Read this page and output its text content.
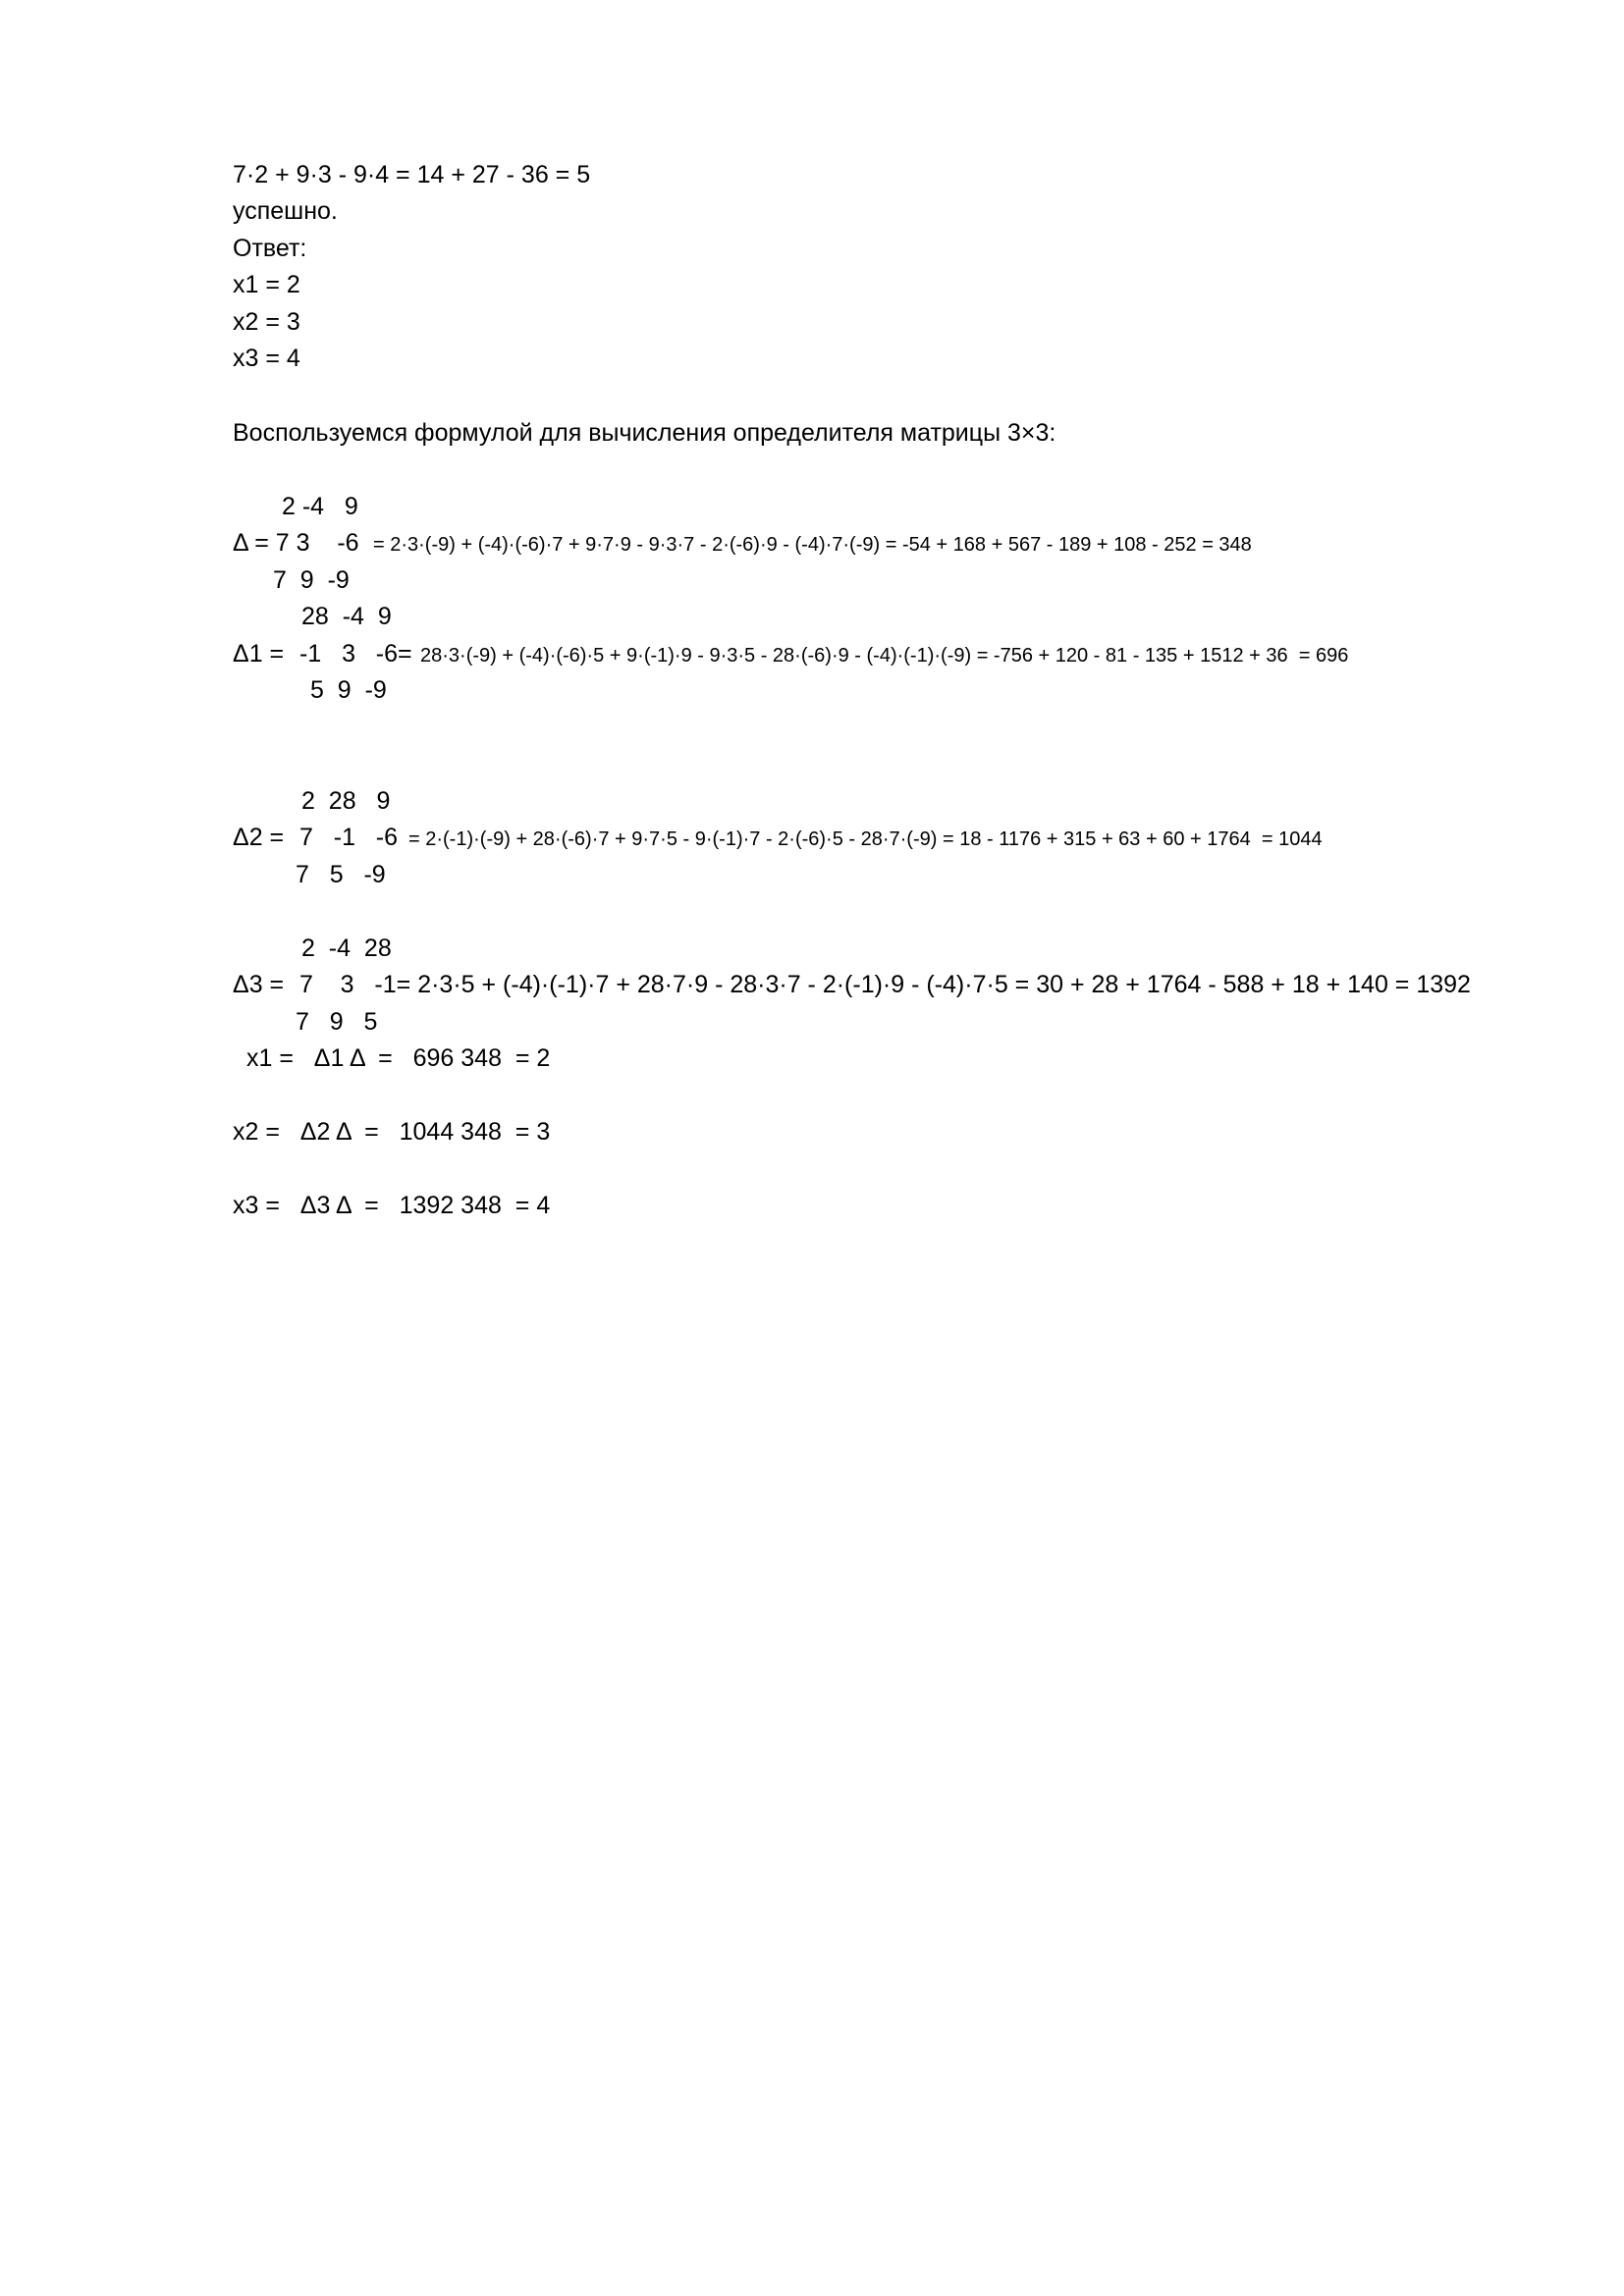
7·2 + 9·3 - 9·4 = 14 + 27 - 36 = 5
успешно.
Ответ:
x1 = 2
x2 = 3
x3 = 4
Воспользуемся формулой для вычисления определителя матрицы 3×3:
2 -4   9
Δ = 7 3    -6 = 2·3·(-9) + (-4)·(-6)·7 + 9·7·9 - 9·3·7 - 2·(-6)·9 - (-4)·7·(-9) = -54 + 168 + 567 - 189 + 108 - 252 = 348
7  9  -9
28  -4  9
Δ1 = -1   3   -6= 28·3·(-9) + (-4)·(-6)·5 + 9·(-1)·9 - 9·3·5 - 28·(-6)·9 - (-4)·(-1)·(-9) = -756 + 120 - 81 - 135 + 1512 + 36  = 696
5  9  -9
2  28   9
Δ2 = 7   -1   -6 = 2·(-1)·(-9) + 28·(-6)·7 + 9·7·5 - 9·(-1)·7 - 2·(-6)·5 - 28·7·(-9) = 18 - 1176 + 315 + 63 + 60 + 1764  = 1044
7   5   -9
2  -4  28
Δ3 = 7    3   -1= 2·3·5 + (-4)·(-1)·7 + 28·7·9 - 28·3·7 - 2·(-1)·9 - (-4)·7·5 = 30 + 28 + 1764 - 588 + 18 + 140 = 1392
7   9   5
x1 =   Δ1 Δ  =   696 348  = 2
x2 =   Δ2 Δ  =   1044 348  = 3
x3 =   Δ3 Δ  =   1392 348  = 4
